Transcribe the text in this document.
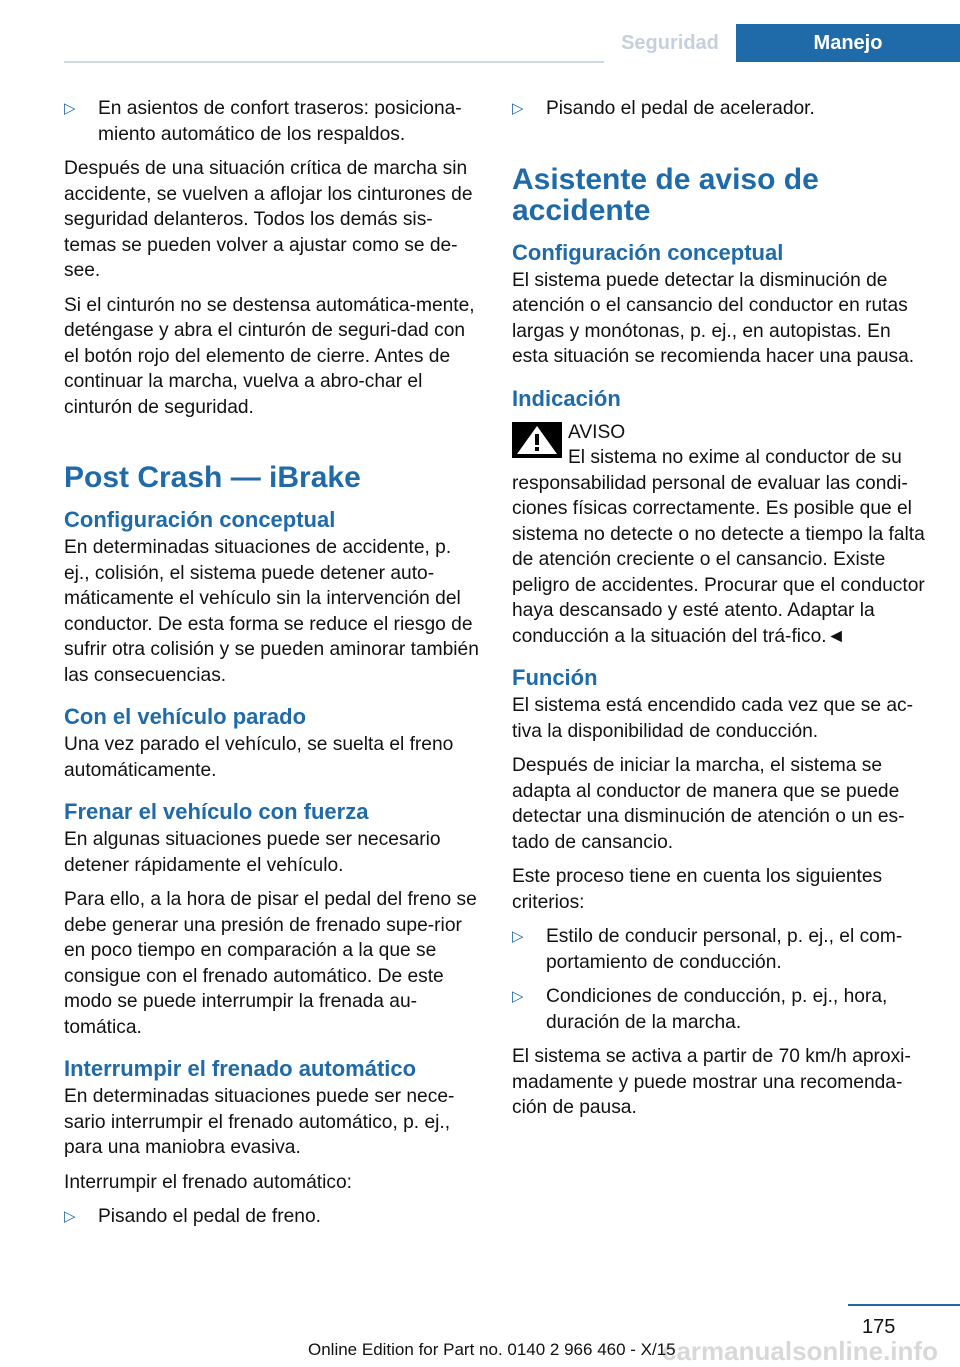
Seguridad	Manejo
▷ En asientos de confort traseros: posiciona‐miento automático de los respaldos.

Después de una situación crítica de marcha sin accidente, se vuelven a aflojar los cinturones de seguridad delanteros. Todos los demás sis‐temas se pueden volver a ajustar como se de‐see.

Si el cinturón no se destensa automática‐mente, deténgase y abra el cinturón de seguri‐dad con el botón rojo del elemento de cierre. Antes de continuar la marcha, vuelva a abro‐char el cinturón de seguridad.

Post Crash — iBrake
Configuración conceptual

En determinadas situaciones de accidente, p. ej., colisión, el sistema puede detener auto‐máticamente el vehículo sin la intervención del conductor. De esta forma se reduce el riesgo de sufrir otra colisión y se pueden aminorar también las consecuencias.

Con el vehículo parado

Una vez parado el vehículo, se suelta el freno automáticamente.

Frenar el vehículo con fuerza

En algunas situaciones puede ser necesario detener rápidamente el vehículo.

Para ello, a la hora de pisar el pedal del freno se debe generar una presión de frenado supe‐rior en poco tiempo en comparación a la que se consigue con el frenado automático. De este modo se puede interrumpir la frenada au‐tomática.

Interrumpir el frenado automático

En determinadas situaciones puede ser nece‐sario interrumpir el frenado automático, p. ej., para una maniobra evasiva.

Interrumpir el frenado automático:

▷ Pisando el pedal de freno.
▷ Pisando el pedal de acelerador.
Asistente de aviso de accidente
Configuración conceptual

El sistema puede detectar la disminución de atención o el cansancio del conductor en rutas largas y monótonas, p. ej., en autopistas. En esta situación se recomienda hacer una pausa.

Indicación
AVISO

El sistema no exime al conductor de su responsabilidad personal de evaluar las condi‐ciones físicas correctamente. Es posible que el sistema no detecte o no detecte a tiempo la falta de atención creciente o el cansancio. Existe peligro de accidentes. Procurar que el conductor haya descansado y esté atento. Adaptar la conducción a la situación del trá‐fico.◄

Función

El sistema está encendido cada vez que se ac‐tiva la disponibilidad de conducción.

Después de iniciar la marcha, el sistema se adapta al conductor de manera que se puede detectar una disminución de atención o un es‐tado de cansancio.

Este proceso tiene en cuenta los siguientes criterios:

▷ Estilo de conducir personal, p. ej., el com‐portamiento de conducción.
▷ Condiciones de conducción, p. ej., hora, duración de la marcha.

El sistema se activa a partir de 70 km/h aproxi‐madamente y puede mostrar una recomenda‐ción de pausa.

175
carmanualsonline.info
Online Edition for Part no. 0140 2 966 460 - X/15
